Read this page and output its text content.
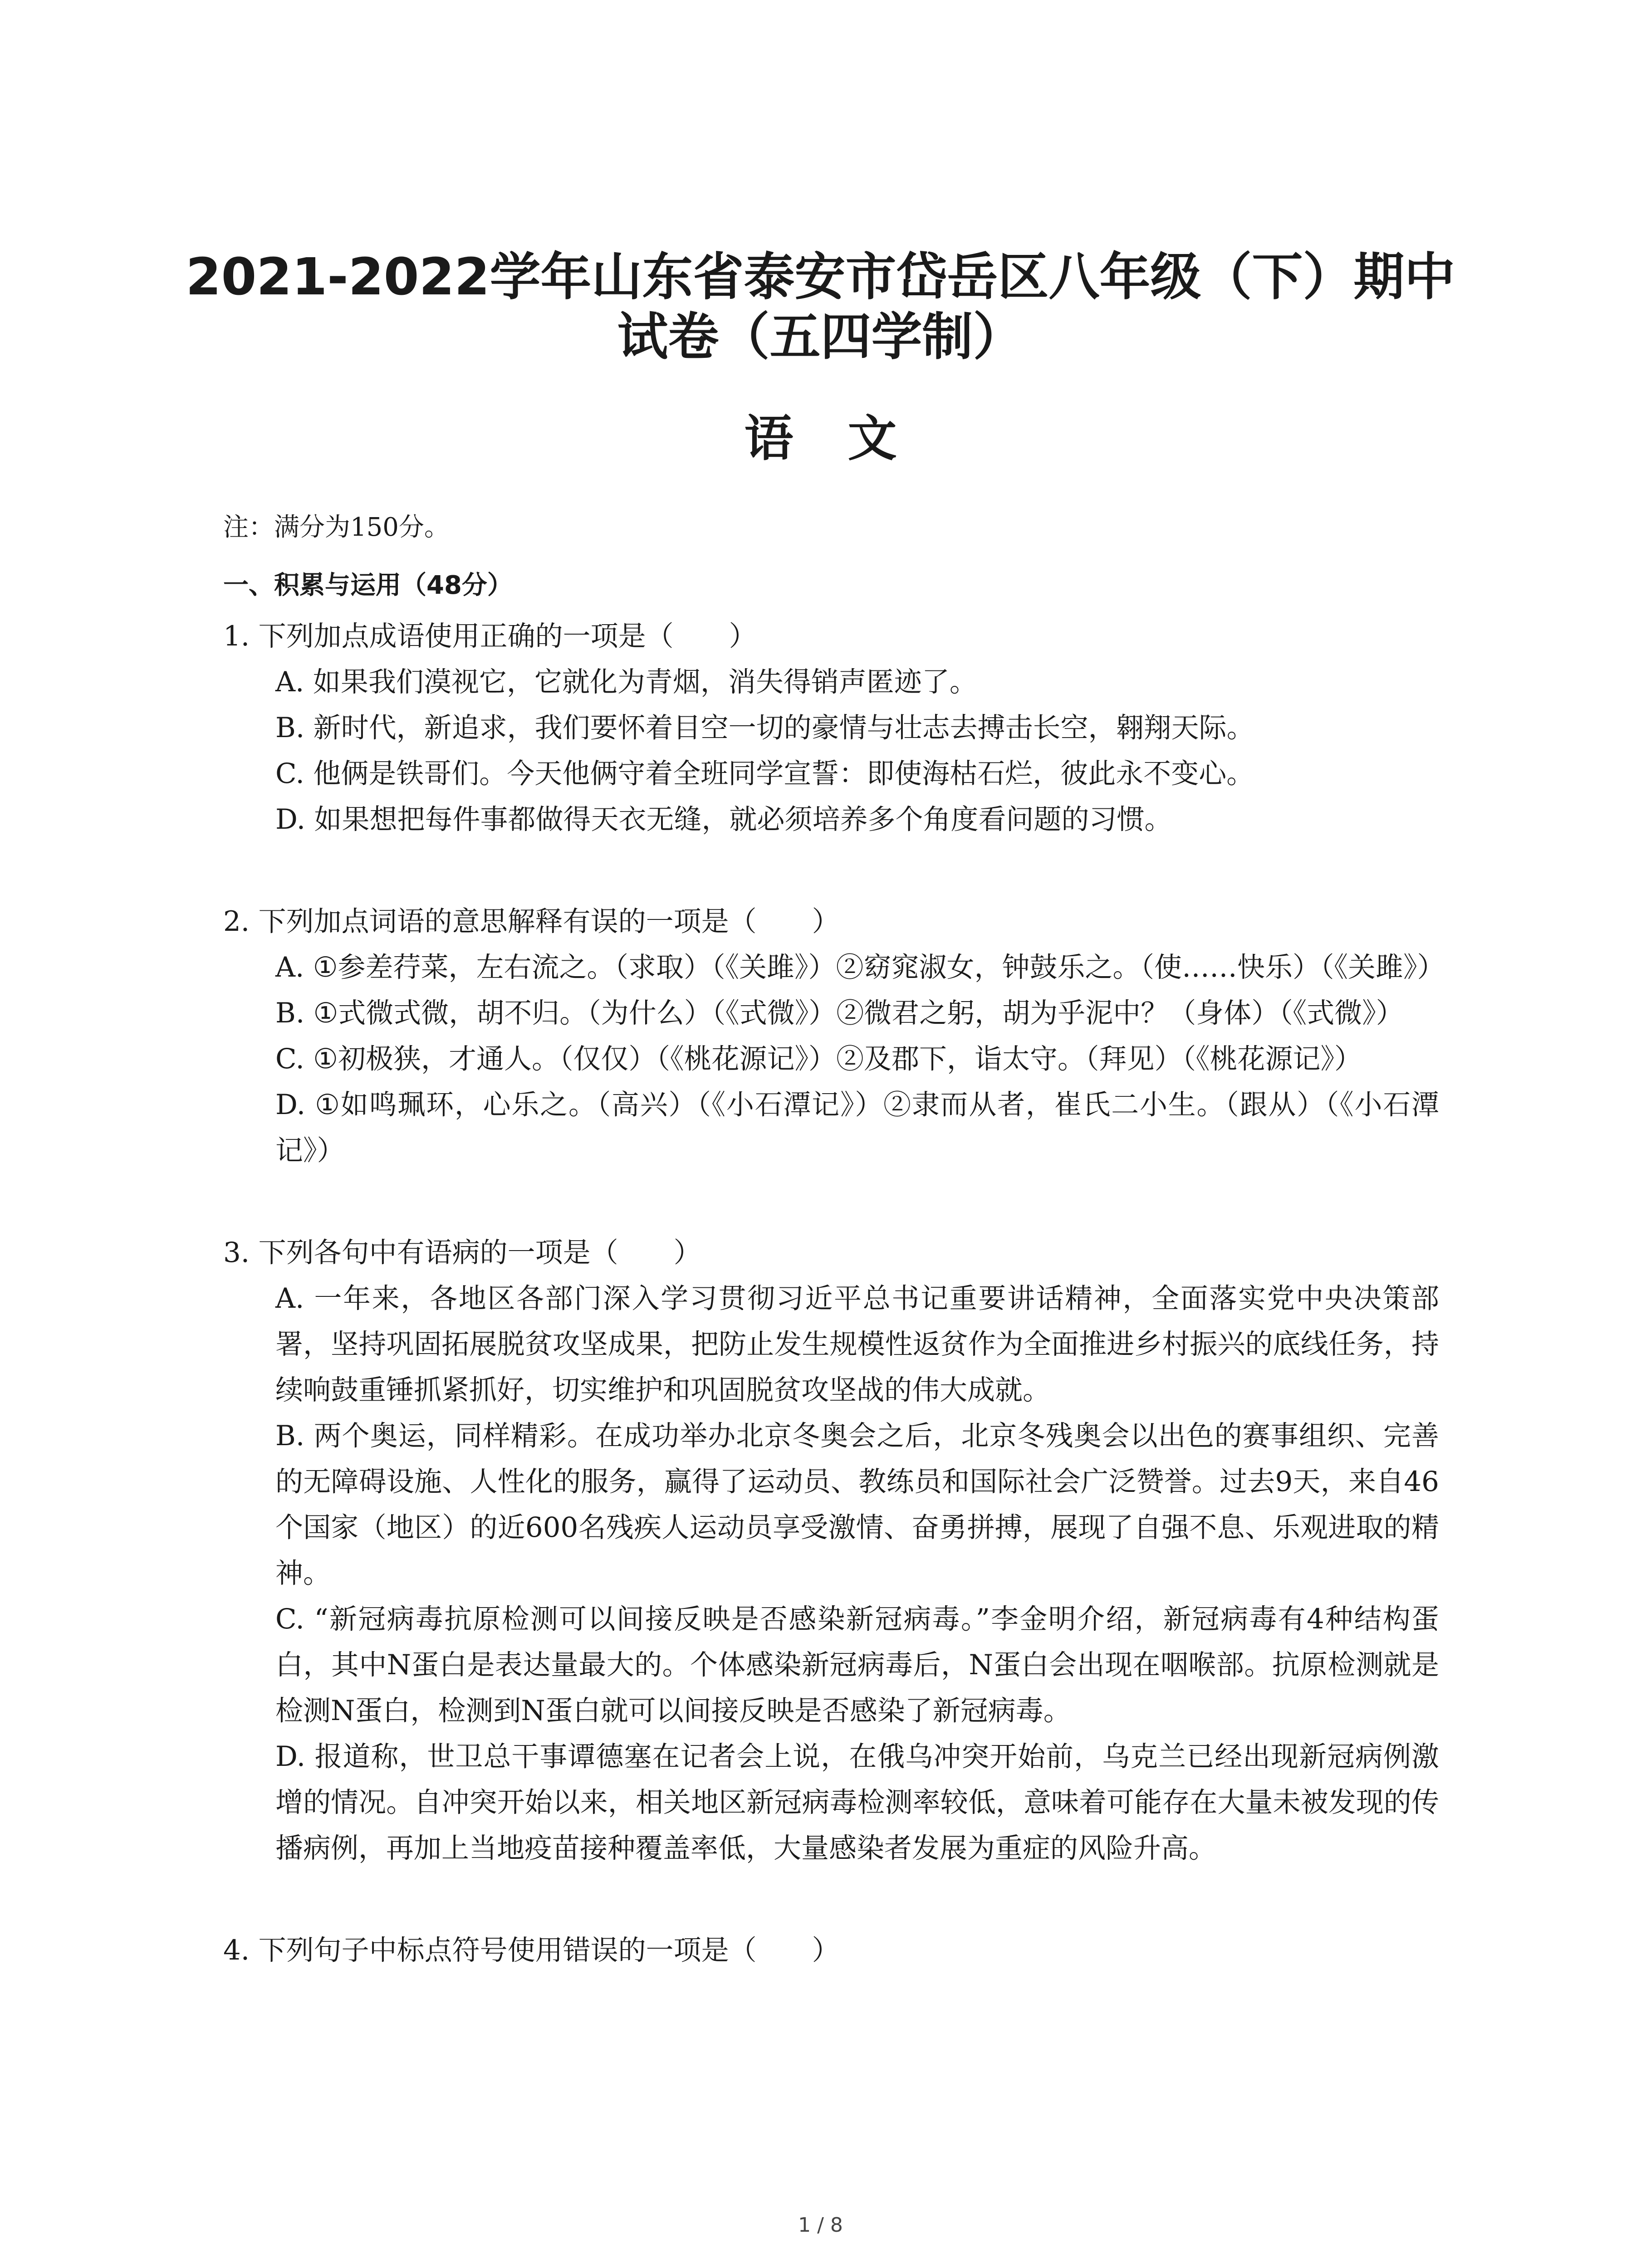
2021-2022学年山东省泰安市岱岳区八年级（下）期中
试卷（五四学制）
语文
注：满分为150分。
一、积累与运用（48分）
1. 下列加点成语使用正确的一项是（　　）
A. 如果我们漠视它，它就化为青烟，消失得销声匿迹了。
B. 新时代，新追求，我们要怀着目空一切的豪情与壮志去搏击长空，翱翔天际。
C. 他俩是铁哥们。今天他俩守着全班同学宣誓：即使海枯石烂，彼此永不变心。
D. 如果想把每件事都做得天衣无缝，就必须培养多个角度看问题的习惯。
2. 下列加点词语的意思解释有误的一项是（　　）
A. ①参差荇菜，左右流之。（求取）（《关雎》）②窈窕淑女，钟鼓乐之。（使……快乐）（《关雎》）
B. ①式微式微，胡不归。（为什么）（《式微》）②微君之躬，胡为乎泥中？（身体）（《式微》）
C. ①初极狭，才通人。（仅仅）（《桃花源记》）②及郡下，诣太守。（拜见）（《桃花源记》）
D. ①如鸣珮环，心乐之。（高兴）（《小石潭记》）②隶而从者，崔氏二小生。（跟从）（《小石潭记》）
3. 下列各句中有语病的一项是（　　）
A. 一年来，各地区各部门深入学习贯彻习近平总书记重要讲话精神，全面落实党中央决策部署，坚持巩固拓展脱贫攻坚成果，把防止发生规模性返贫作为全面推进乡村振兴的底线任务，持续响鼓重锤抓紧抓好，切实维护和巩固脱贫攻坚战的伟大成就。
B. 两个奥运，同样精彩。在成功举办北京冬奥会之后，北京冬残奥会以出色的赛事组织、完善的无障碍设施、人性化的服务，赢得了运动员、教练员和国际社会广泛赞誉。过去9天，来自46个国家（地区）的近600名残疾人运动员享受激情、奋勇拼搏，展现了自强不息、乐观进取的精神。
C. “新冠病毒抗原检测可以间接反映是否感染新冠病毒。”李金明介绍，新冠病毒有4种结构蛋白，其中N蛋白是表达量最大的。个体感染新冠病毒后，N蛋白会出现在咽喉部。抗原检测就是检测N蛋白，检测到N蛋白就可以间接反映是否感染了新冠病毒。
D. 报道称，世卫总干事谭德塞在记者会上说，在俄乌冲突开始前，乌克兰已经出现新冠病例激增的情况。自冲突开始以来，相关地区新冠病毒检测率较低，意味着可能存在大量未被发现的传播病例，再加上当地疫苗接种覆盖率低，大量感染者发展为重症的风险升高。
4. 下列句子中标点符号使用错误的一项是（　　）
1 / 8
